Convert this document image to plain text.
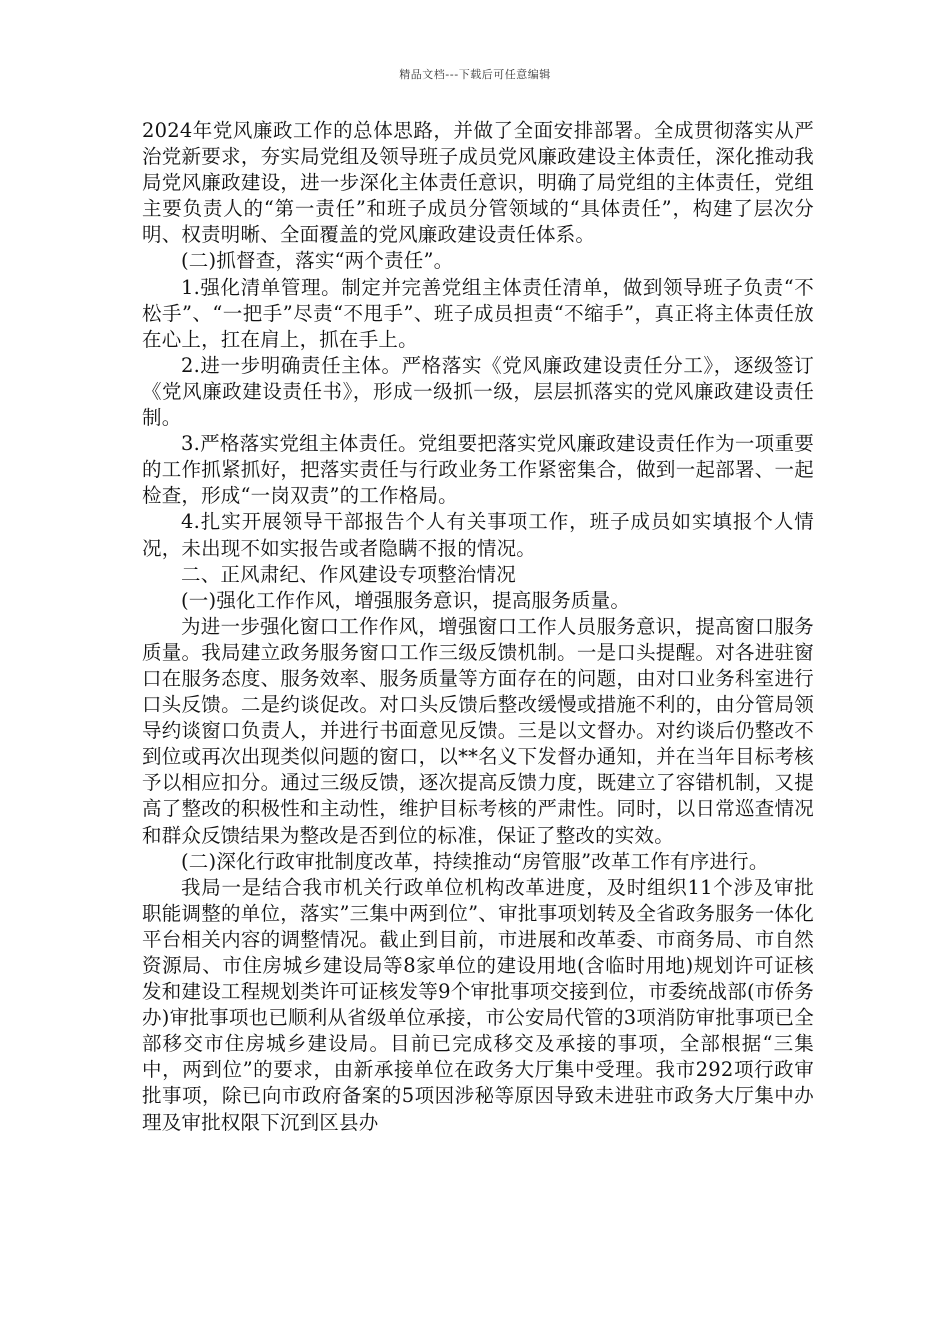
精品文档---下载后可任意编辑

2024年党风廉政工作的总体思路，并做了全面安排部署。全成贯彻落实从严治党新要求，夯实局党组及领导班子成员党风廉政建设主体责任，深化推动我局党风廉政建设，进一步深化主体责任意识，明确了局党组的主体责任，党组主要负责人的“第一责任”和班子成员分管领域的“具体责任”，构建了层次分明、权责明晰、全面覆盖的党风廉政建设责任体系。

(二)抓督查，落实“两个责任”。

1.强化清单管理。制定并完善党组主体责任清单，做到领导班子负责“不松手”、“一把手”尽责“不甩手”、班子成员担责“不缩手”，真正将主体责任放在心上，扛在肩上，抓在手上。

2.进一步明确责任主体。严格落实《党风廉政建设责任分工》，逐级签订《党风廉政建设责任书》，形成一级抓一级，层层抓落实的党风廉政建设责任制。

3.严格落实党组主体责任。党组要把落实党风廉政建设责任作为一项重要的工作抓紧抓好，把落实责任与行政业务工作紧密集合，做到一起部署、一起检查，形成“一岗双责”的工作格局。

4.扎实开展领导干部报告个人有关事项工作，班子成员如实填报个人情况，未出现不如实报告或者隐瞒不报的情况。

二、正风肃纪、作风建设专项整治情况

(一)强化工作作风，增强服务意识，提高服务质量。

为进一步强化窗口工作作风，增强窗口工作人员服务意识，提高窗口服务质量。我局建立政务服务窗口工作三级反馈机制。一是口头提醒。对各进驻窗口在服务态度、服务效率、服务质量等方面存在的问题，由对口业务科室进行口头反馈。二是约谈促改。对口头反馈后整改缓慢或措施不利的，由分管局领导约谈窗口负责人，并进行书面意见反馈。三是以文督办。对约谈后仍整改不到位或再次出现类似问题的窗口，以**名义下发督办通知，并在当年目标考核予以相应扣分。通过三级反馈，逐次提高反馈力度，既建立了容错机制，又提高了整改的积极性和主动性，维护目标考核的严肃性。同时，以日常巡查情况和群众反馈结果为整改是否到位的标准，保证了整改的实效。

(二)深化行政审批制度改革，持续推动“房管服”改革工作有序进行。

我局一是结合我市机关行政单位机构改革进度，及时组织11个涉及审批职能调整的单位，落实”三集中两到位”、审批事项划转及全省政务服务一体化平台相关内容的调整情况。截止到目前，市进展和改革委、市商务局、市自然资源局、市住房城乡建设局等8家单位的建设用地(含临时用地)规划许可证核发和建设工程规划类许可证核发等9个审批事项交接到位，市委统战部(市侨务办)审批事项也已顺利从省级单位承接，市公安局代管的3项消防审批事项已全部移交市住房城乡建设局。目前已完成移交及承接的事项，全部根据“三集中，两到位”的要求，由新承接单位在政务大厅集中受理。我市292项行政审批事项，除已向市政府备案的5项因涉秘等原因导致未进驻市政务大厅集中办理及审批权限下沉到区县办
